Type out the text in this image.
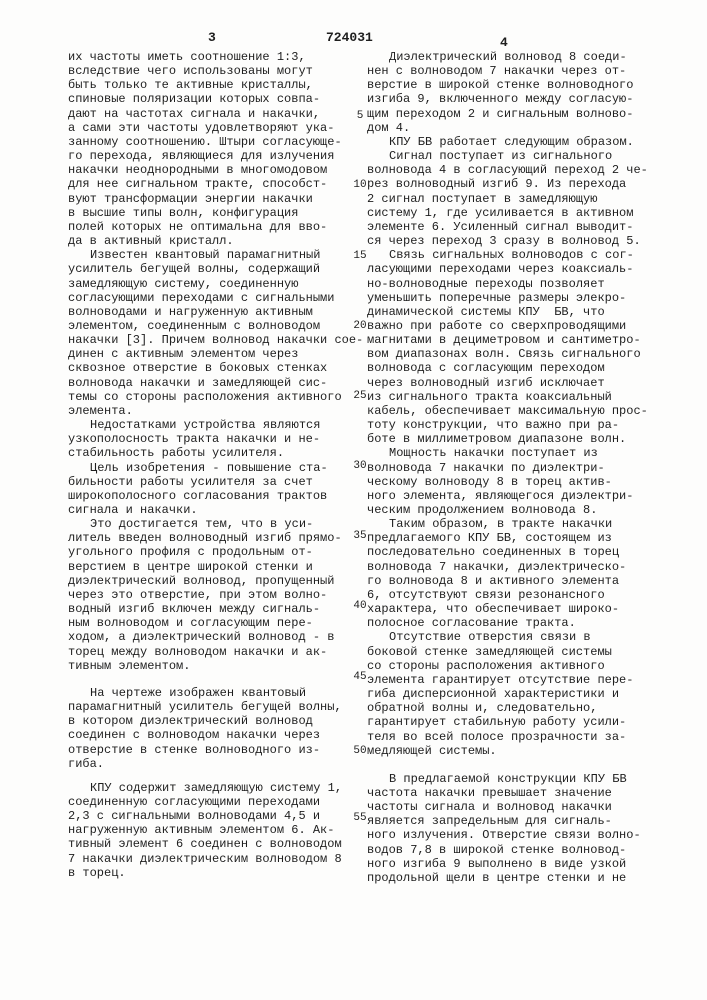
3	724031	4
их частоты иметь соотношение 1:3,
вследствие чего использованы могут
быть только те активные кристаллы,
спиновые поляризации которых совпа-
дают на частотах сигнала и накачки,
а сами эти частоты удовлетворяют ука-
занному соотношению. Штыри согласующе-
го перехода, являющиеся для излучения
накачки неоднородными в многомодовом
для нее сигнальном тракте, способст-
вуют трансформации энергии накачки
в высшие типы волн, конфигурация
полей которых не оптимальна для вво-
да в активный кристалл.
Известен квантовый парамагнитный
усилитель бегущей волны, содержащий
замедляющую систему, соединенную
согласующими переходами с сигнальными
волноводами и нагруженную активным
элементом, соединенным с волноводом
накачки [3]. Причем волновод накачки сое-
динен с активным элементом через
сквозное отверстие в боковых стенках
волновода накачки и замедляющей сис-
темы со стороны расположения активного
элемента.
Недостатками устройства являются
узкополосность тракта накачки и не-
стабильность работы усилителя.
Цель изобретения - повышение ста-
бильности работы усилителя за счет
широкополосного согласования трактов
сигнала и накачки.
Это достигается тем, что в уси-
литель введен волноводный изгиб прямо-
угольного профиля с продольным от-
верстием в центре широкой стенки и
диэлектрический волновод, пропущенный
через это отверстие, при этом волно-
водный изгиб включен между сигналь-
ным волноводом и согласующим пере-
ходом, а диэлектрический волновод - в
торец между волноводом накачки и ак-
тивным элементом.
На чертеже изображен квантовый
парамагнитный усилитель бегущей волны,
в котором диэлектрический волновод
соединен с волноводом накачки через
отверстие в стенке волноводного из-
гиба.
КПУ содержит замедляющую систему 1,
соединенную согласующими переходами
2,3 с сигнальными волноводами 4,5 и
нагруженную активным элементом 6. Ак-
тивный элемент 6 соединен с волноводом
7 накачки диэлектрическим волноводом 8
в торец.
Диэлектрический волновод 8 соеди-
нен с волноводом 7 накачки через от-
верстие в широкой стенке волноводного
изгиба 9, включенного между согласую-
щим переходом 2 и сигнальным волново-
дом 4.
КПУ БВ работает следующим образом.
Сигнал поступает из сигнального
волновода 4 в согласующий переход 2 че-
рез волноводный изгиб 9. Из перехода
2 сигнал поступает в замедляющую
систему 1, где усиливается в активном
элементе 6. Усиленный сигнал выводит-
ся через переход 3 сразу в волновод 5.
Связь сигнальных волноводов с сог-
ласующими переходами через коаксиаль-
но-волноводные переходы позволяет
уменьшить поперечные размеры элекро-
динамической системы КПУ  БВ, что
важно при работе со сверхпроводящими
магнитами в дециметровом и сантиметро-
вом диапазонах волн. Связь сигнального
волновода с согласующим переходом
через волноводный изгиб исключает
из сигнального тракта коаксиальный
кабель, обеспечивает максимальную прос-
тоту конструкции, что важно при ра-
боте в миллиметровом диапазоне волн.
Мощность накачки поступает из
волновода 7 накачки по диэлектри-
ческому волноводу 8 в торец актив-
ного элемента, являющегося диэлектри-
ческим продолжением волновода 8.
Таким образом, в тракте накачки
предлагаемого КПУ БВ, состоящем из
последовательно соединенных в торец
волновода 7 накачки, диэлектрическо-
го волновода 8 и активного элемента
6, отсутствуют связи резонансного
характера, что обеспечивает широко-
полосное согласование тракта.
Отсутствие отверстия связи в
боковой стенке замедляющей системы
со стороны расположения активного
элемента гарантирует отсутствие пере-
гиба дисперсионной характеристики и
обратной волны и, следовательно,
гарантирует стабильную работу усили-
теля во всей полосе прозрачности за-
медляющей системы.
В предлагаемой конструкции КПУ БВ
частота накачки превышает значение
частоты сигнала и волновод накачки
является запредельным для сигналь-
ного излучения. Отверстие связи волно-
водов 7,8 в широкой стенке волновод-
ного изгиба 9 выполнено в виде узкой
продольной щели в центре стенки и не
5
10
15
20
25
30
35
40
45
50
55
